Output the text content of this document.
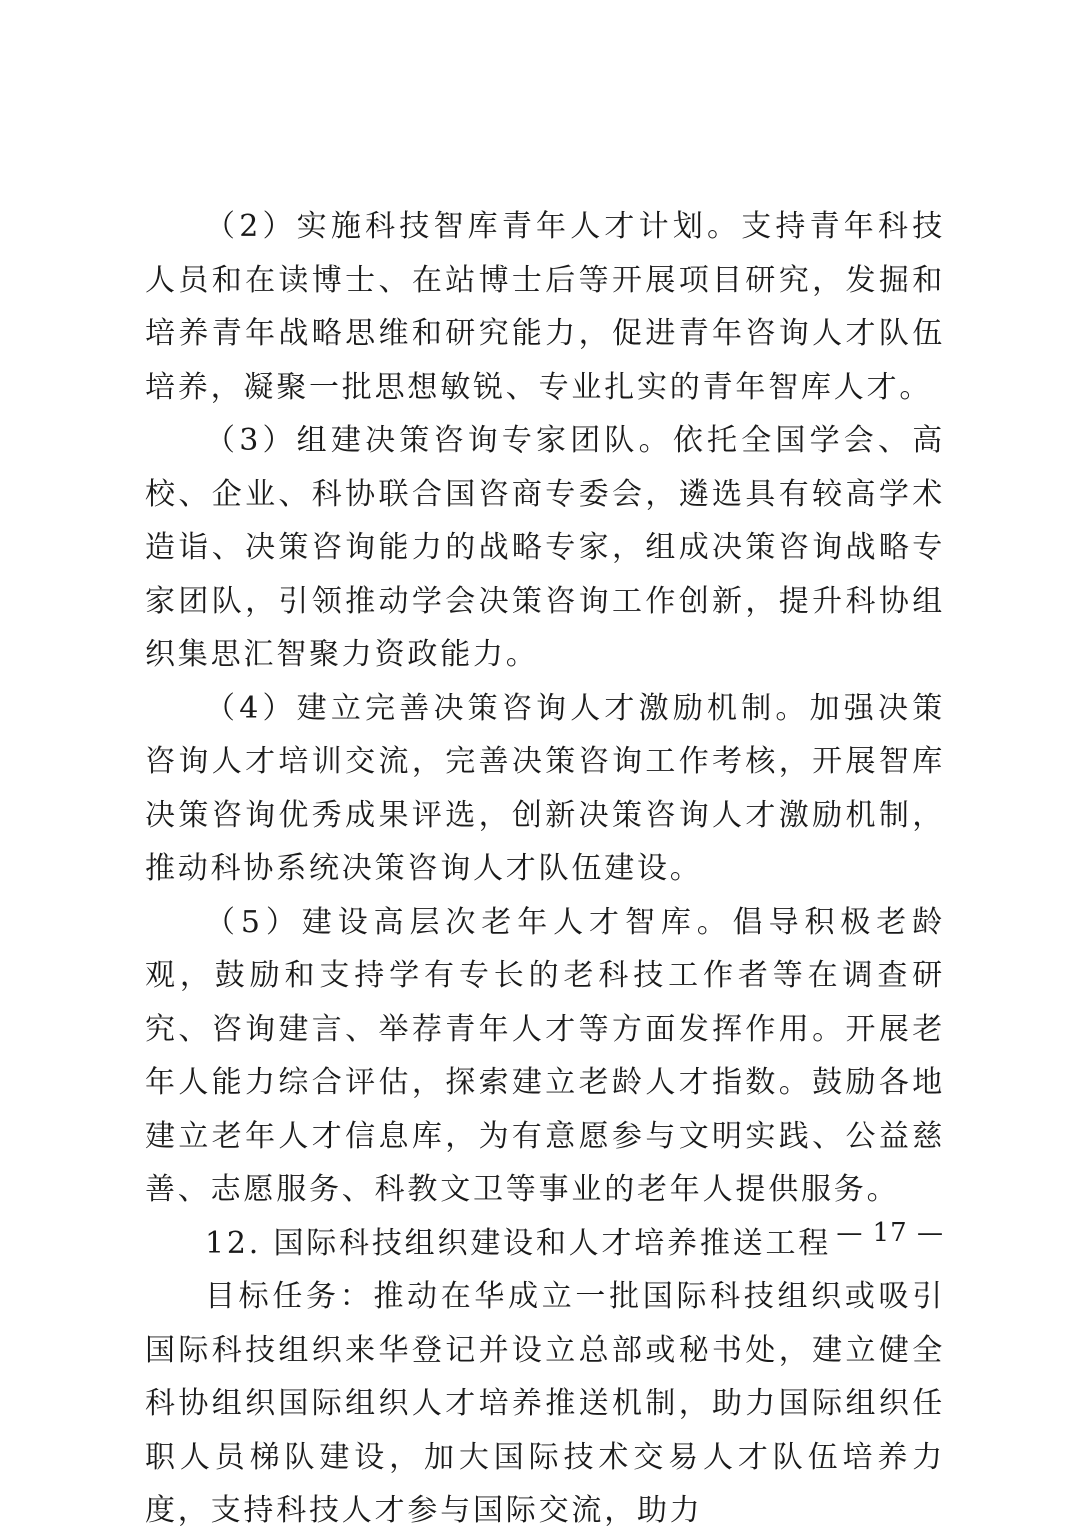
（2）实施科技智库青年人才计划。支持青年科技人员和在读博士、在站博士后等开展项目研究，发掘和培养青年战略思维和研究能力，促进青年咨询人才队伍培养，凝聚一批思想敏锐、专业扎实的青年智库人才。

（3）组建决策咨询专家团队。依托全国学会、高校、企业、科协联合国咨商专委会，遴选具有较高学术造诣、决策咨询能力的战略专家，组成决策咨询战略专家团队，引领推动学会决策咨询工作创新，提升科协组织集思汇智聚力资政能力。

（4）建立完善决策咨询人才激励机制。加强决策咨询人才培训交流，完善决策咨询工作考核，开展智库决策咨询优秀成果评选，创新决策咨询人才激励机制，推动科协系统决策咨询人才队伍建设。

（5）建设高层次老年人才智库。倡导积极老龄观，鼓励和支持学有专长的老科技工作者等在调查研究、咨询建言、举荐青年人才等方面发挥作用。开展老年人能力综合评估，探索建立老龄人才指数。鼓励各地建立老年人才信息库，为有意愿参与文明实践、公益慈善、志愿服务、科教文卫等事业的老年人提供服务。

12. 国际科技组织建设和人才培养推送工程

目标任务：推动在华成立一批国际科技组织或吸引国际科技组织来华登记并设立总部或秘书处，建立健全科协组织国际组织人才培养推送机制，助力国际组织任职人员梯队建设，加大国际技术交易人才队伍培养力度，支持科技人才参与国际交流，助力

— 17 —
